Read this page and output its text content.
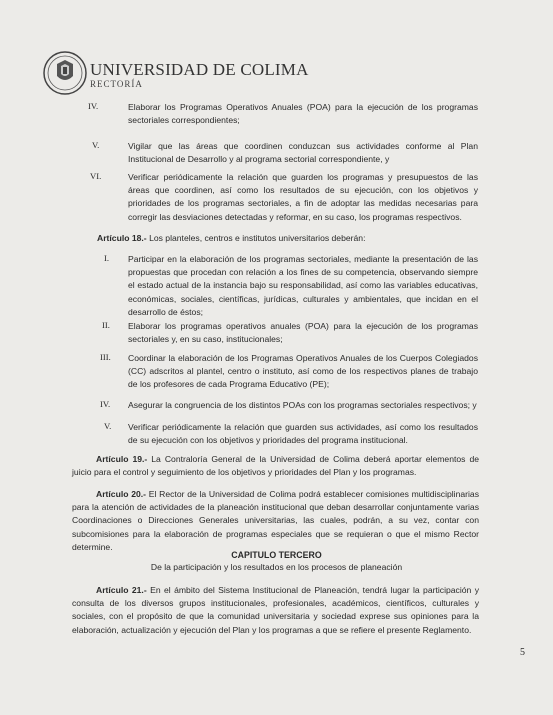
UNIVERSIDAD DE COLIMA
RECTORÍA
IV.	Elaborar los Programas Operativos Anuales (POA) para la ejecución de los programas sectoriales correspondientes;
V.	Vigilar que las áreas que coordinen conduzcan sus actividades conforme al Plan Institucional de Desarrollo y al programa sectorial correspondiente, y
VI.	Verificar periódicamente la relación que guarden los programas y presupuestos de las áreas que coordinen, así como los resultados de su ejecución, con los objetivos y prioridades de los programas sectoriales, a fin de adoptar las medidas necesarias para corregir las desviaciones detectadas y reformar, en su caso, los programas respectivos.
Artículo 18.- Los planteles, centros e institutos universitarios deberán:
I. Participar en la elaboración de los programas sectoriales, mediante la presentación de las propuestas que procedan con relación a los fines de su competencia, observando siempre el estado actual de la instancia bajo su responsabilidad, así como las variables educativas, económicas, sociales, científicas, jurídicas, culturales y ambientales, que incidan en el desarrollo de éstos;
II. Elaborar los programas operativos anuales (POA) para la ejecución de los programas sectoriales y, en su caso, institucionales;
III. Coordinar la elaboración de los Programas Operativos Anuales de los Cuerpos Colegiados (CC) adscritos al plantel, centro o instituto, así como de los respectivos planes de trabajo de los profesores de cada Programa Educativo (PE);
IV. Asegurar la congruencia de los distintos POAs con los programas sectoriales respectivos; y
V. Verificar periódicamente la relación que guarden sus actividades, así como los resultados de su ejecución con los objetivos y prioridades del programa institucional.
Artículo 19.- La Contraloría General de la Universidad de Colima deberá aportar elementos de juicio para el control y seguimiento de los objetivos y prioridades del Plan y los programas.
Artículo 20.- El Rector de la Universidad de Colima podrá establecer comisiones multidisciplinarias para la atención de actividades de la planeación institucional que deban desarrollar conjuntamente varias Coordinaciones o Direcciones Generales universitarias, las cuales, podrán, a su vez, contar con subcomisiones para la elaboración de programas especiales que se requieran o que el mismo Rector determine.
CAPITULO TERCERO
De la participación y los resultados en los procesos de planeación
Artículo 21.- En el ámbito del Sistema Institucional de Planeación, tendrá lugar la participación y consulta de los diversos grupos institucionales, profesionales, académicos, científicos, culturales y sociales, con el propósito de que la comunidad universitaria y sociedad exprese sus opiniones para la elaboración, actualización y ejecución del Plan y los programas a que se refiere el presente Reglamento.
5
